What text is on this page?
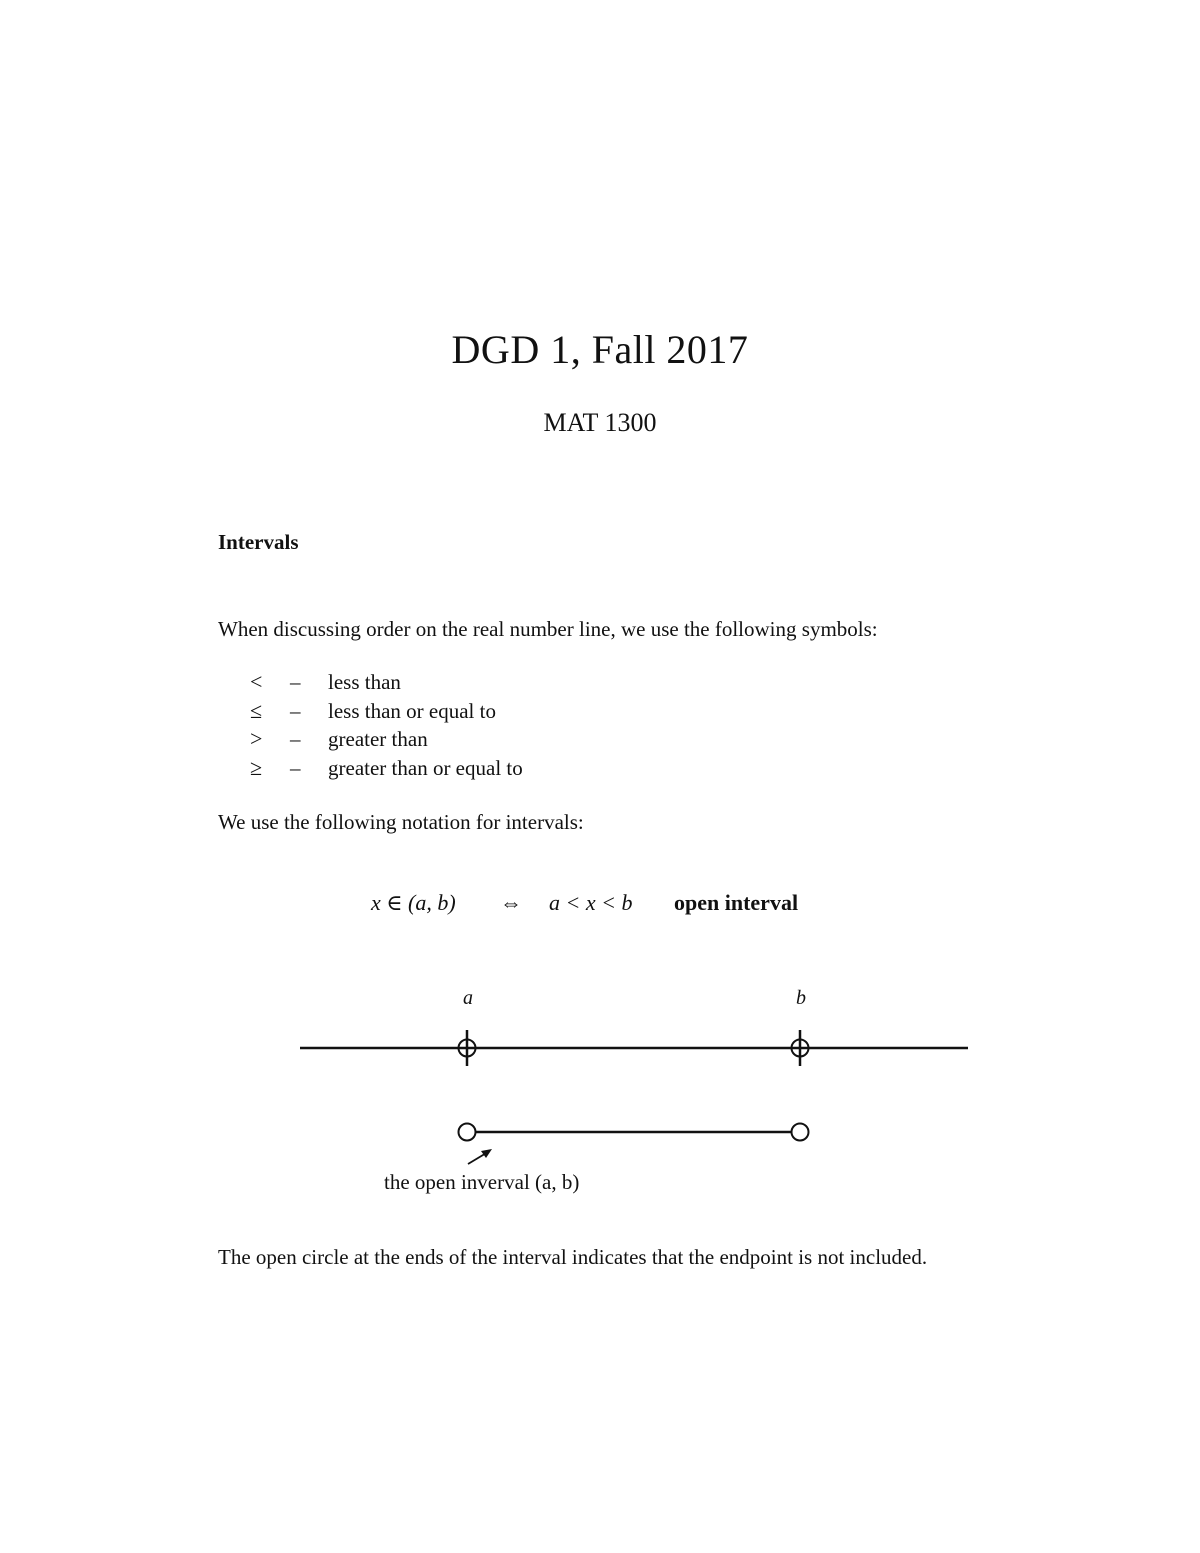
DGD 1, Fall 2017
MAT 1300
Intervals
When discussing order on the real number line, we use the following symbols:
<	–	less than
≤	–	less than or equal to
>	–	greater than
≥	–	greater than or equal to
We use the following notation for intervals:
x ∈ (a, b) ⇔ a < x < b open interval
a	b
the open inverval (a, b)
The open circle at the ends of the interval indicates that the endpoint is not included.
